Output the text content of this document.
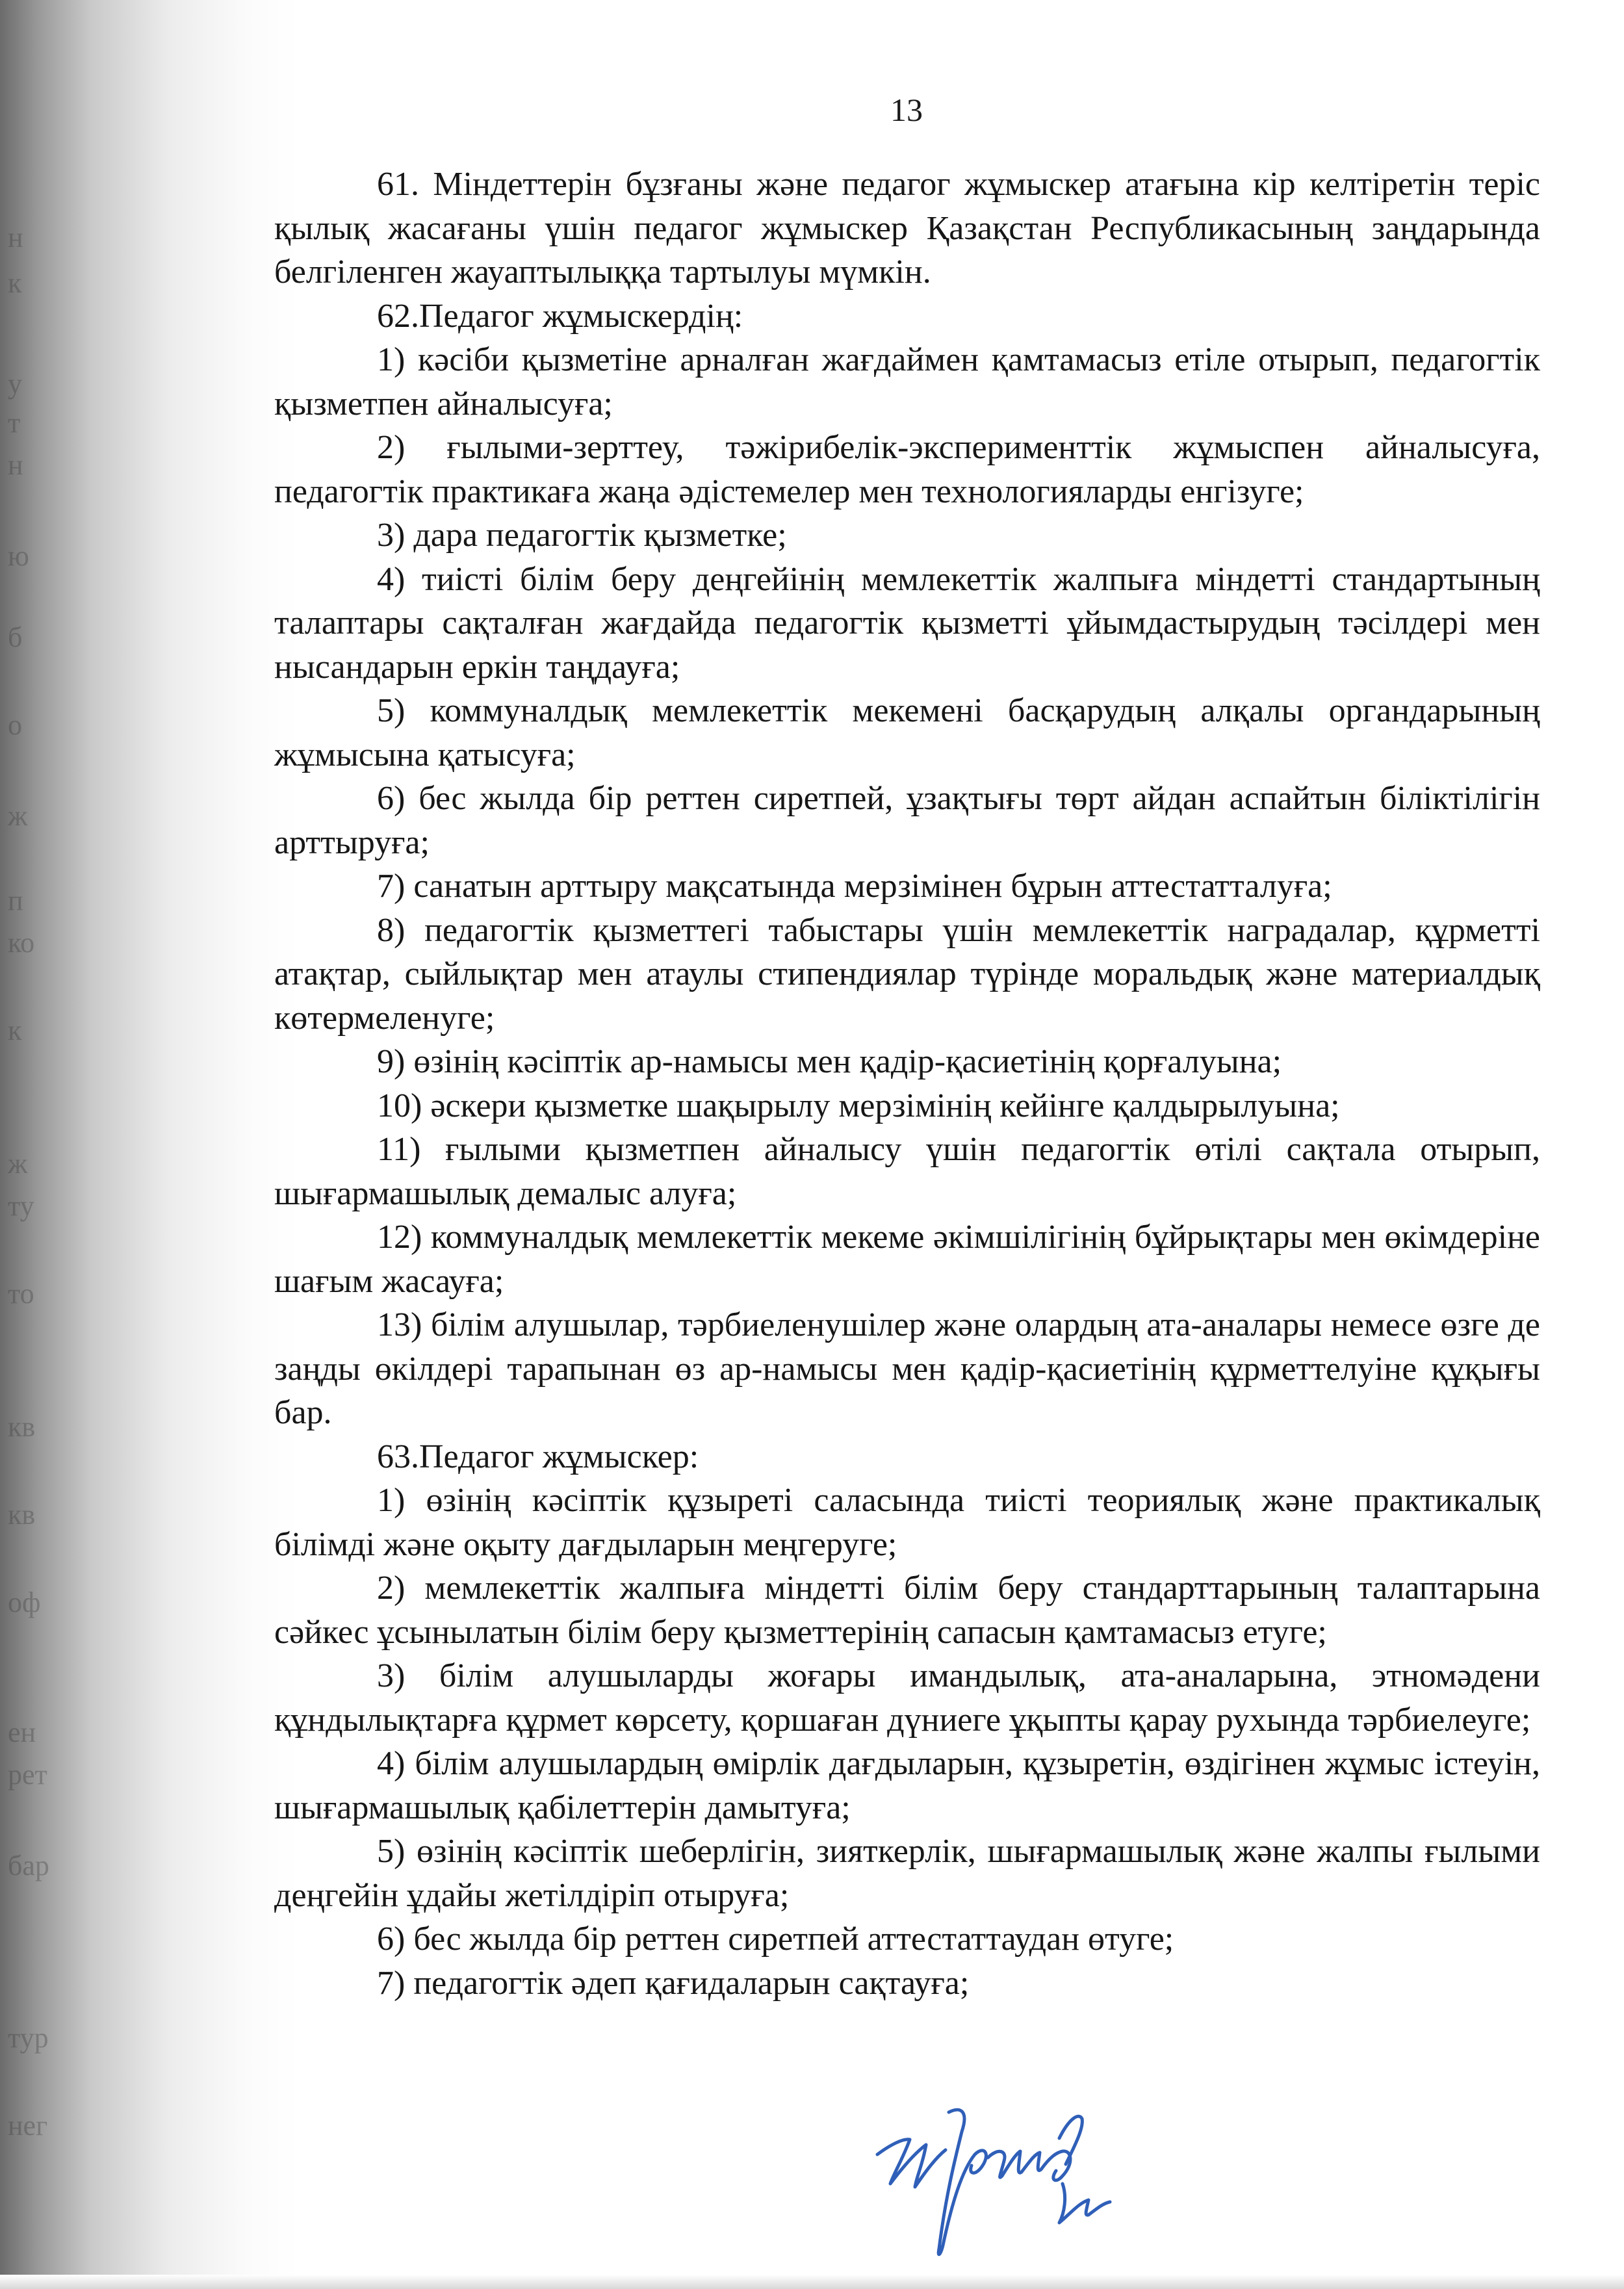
н
к
у
т
н
ю
б
о
ж
п
ко
к
ж
ту
то
кв
кв
оф
ен
рет
бар
тур
нег
13

61. Міндеттерін бұзғаны және педагог жұмыскер атағына кір келтіретін теріс қылық жасағаны үшін педагог жұмыскер Қазақстан Республикасының заңдарында белгіленген жауаптылыққа тартылуы мүмкін.

62.Педагог жұмыскердің:

1) кәсіби қызметіне арналған жағдаймен қамтамасыз етіле отырып, педагогтік қызметпен айналысуға;

2) ғылыми-зерттеу, тәжірибелік-эксперименттік жұмыспен айналысуға, педагогтік практикаға жаңа әдістемелер мен технологияларды енгізуге;

3) дара педагогтік қызметке;

4) тиісті білім беру деңгейінің мемлекеттік жалпыға міндетті стандартының талаптары сақталған жағдайда педагогтік қызметті ұйымдастырудың тәсілдері мен нысандарын еркін таңдауға;

5) коммуналдық мемлекеттік мекемені басқарудың алқалы органдарының жұмысына қатысуға;

6) бес жылда бір реттен сиретпей, ұзақтығы төрт айдан аспайтын біліктілігін арттыруға;

7) санатын арттыру мақсатында мерзімінен бұрын аттестатталуға;

8) педагогтік қызметтегі табыстары үшін мемлекеттік наградалар, құрметті атақтар, сыйлықтар мен атаулы стипендиялар түрінде моральдық және материалдық көтермеленуге;

9) өзінің кәсіптік ар-намысы мен қадір-қасиетінің қорғалуына;

10) әскери қызметке шақырылу мерзімінің кейінге қалдырылуына;

11) ғылыми қызметпен айналысу үшін педагогтік өтілі сақтала отырып, шығармашылық демалыс алуға;

12) коммуналдық мемлекеттік мекеме әкімшілігінің бұйрықтары мен өкімдеріне шағым жасауға;

13) білім алушылар, тәрбиеленушілер және олардың ата-аналары немесе өзге де заңды өкілдері тарапынан өз ар-намысы мен қадір-қасиетінің құрметтелуіне құқығы бар.

63.Педагог жұмыскер:

1) өзінің кәсіптік құзыреті саласында тиісті теориялық және практикалық білімді және оқыту дағдыларын меңгеруге;

2) мемлекеттік жалпыға міндетті білім беру стандарттарының талаптарына сәйкес ұсынылатын білім беру қызметтерінің сапасын қамтамасыз етуге;

3) білім алушыларды жоғары имандылық, ата-аналарына, этномәдени құндылықтарға құрмет көрсету, қоршаған дүниеге ұқыпты қарау рухында тәрбиелеуге;

4) білім алушылардың өмірлік дағдыларын, құзыретін, өздігінен жұмыс істеуін, шығармашылық қабілеттерін дамытуға;

5) өзінің кәсіптік шеберлігін, зияткерлік, шығармашылық және жалпы ғылыми деңгейін ұдайы жетілдіріп отыруға;

6) бес жылда бір реттен сиретпей аттестаттаудан өтуге;

7) педагогтік әдеп қағидаларын сақтауға;
